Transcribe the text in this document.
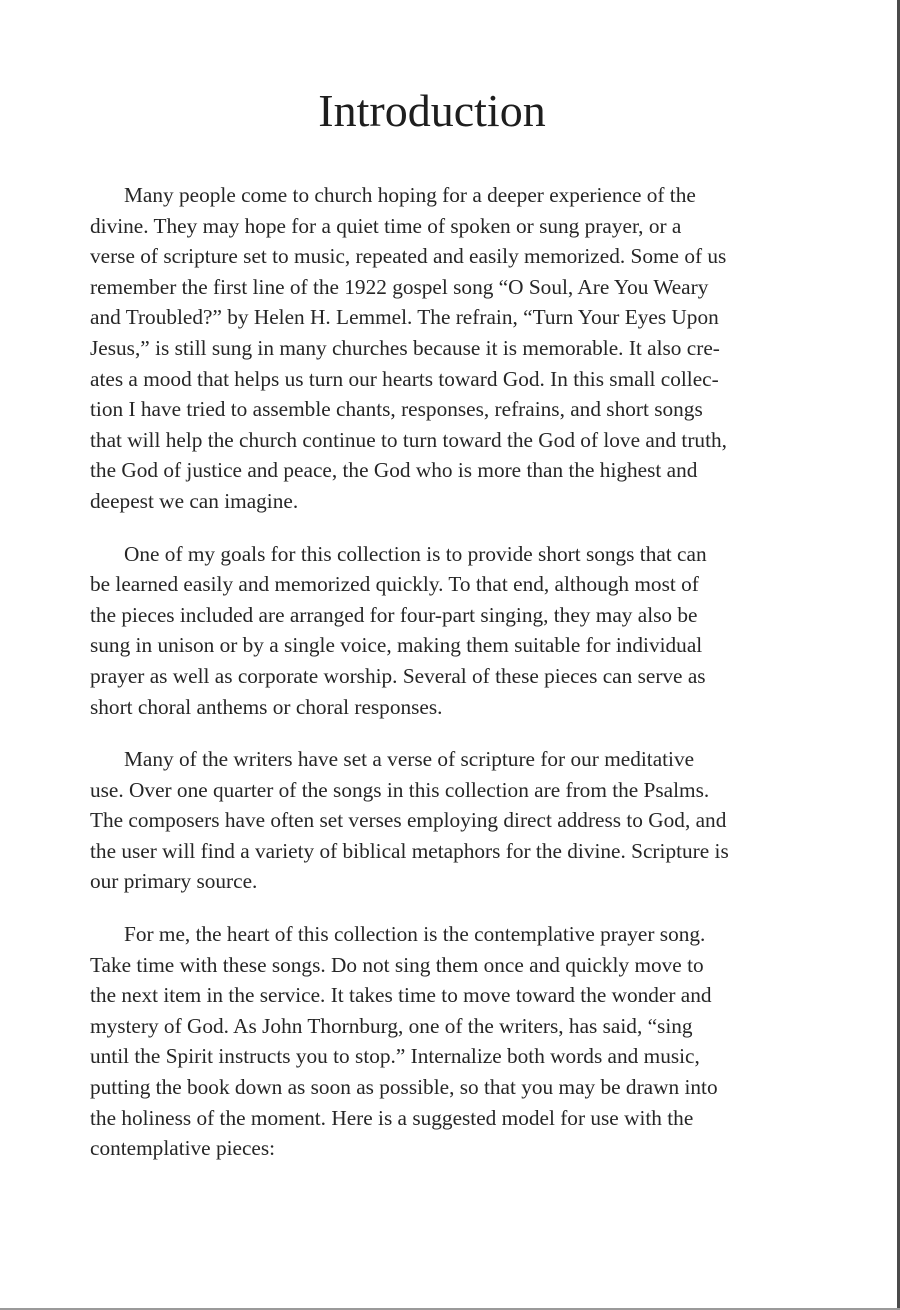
Introduction

Many people come to church hoping for a deeper experience of the
divine. They may hope for a quiet time of spoken or sung prayer, or a
verse of scripture set to music, repeated and easily memorized. Some of us
remember the first line of the 1922 gospel song “O Soul, Are You Weary
and Troubled?” by Helen H. Lemmel. The refrain, “Turn Your Eyes Upon
Jesus,” is still sung in many churches because it is memorable. It also cre-
ates a mood that helps us turn our hearts toward God. In this small collec-
tion I have tried to assemble chants, responses, refrains, and short songs
that will help the church continue to turn toward the God of love and truth,
the God of justice and peace, the God who is more than the highest and
deepest we can imagine.

One of my goals for this collection is to provide short songs that can
be learned easily and memorized quickly. To that end, although most of
the pieces included are arranged for four-part singing, they may also be
sung in unison or by a single voice, making them suitable for individual
prayer as well as corporate worship. Several of these pieces can serve as
short choral anthems or choral responses.

Many of the writers have set a verse of scripture for our meditative
use. Over one quarter of the songs in this collection are from the Psalms.
The composers have often set verses employing direct address to God, and
the user will find a variety of biblical metaphors for the divine. Scripture is
our primary source.

For me, the heart of this collection is the contemplative prayer song.
Take time with these songs. Do not sing them once and quickly move to
the next item in the service. It takes time to move toward the wonder and
mystery of God. As John Thornburg, one of the writers, has said, “sing
until the Spirit instructs you to stop.” Internalize both words and music,
putting the book down as soon as possible, so that you may be drawn into
the holiness of the moment. Here is a suggested model for use with the
contemplative pieces:
